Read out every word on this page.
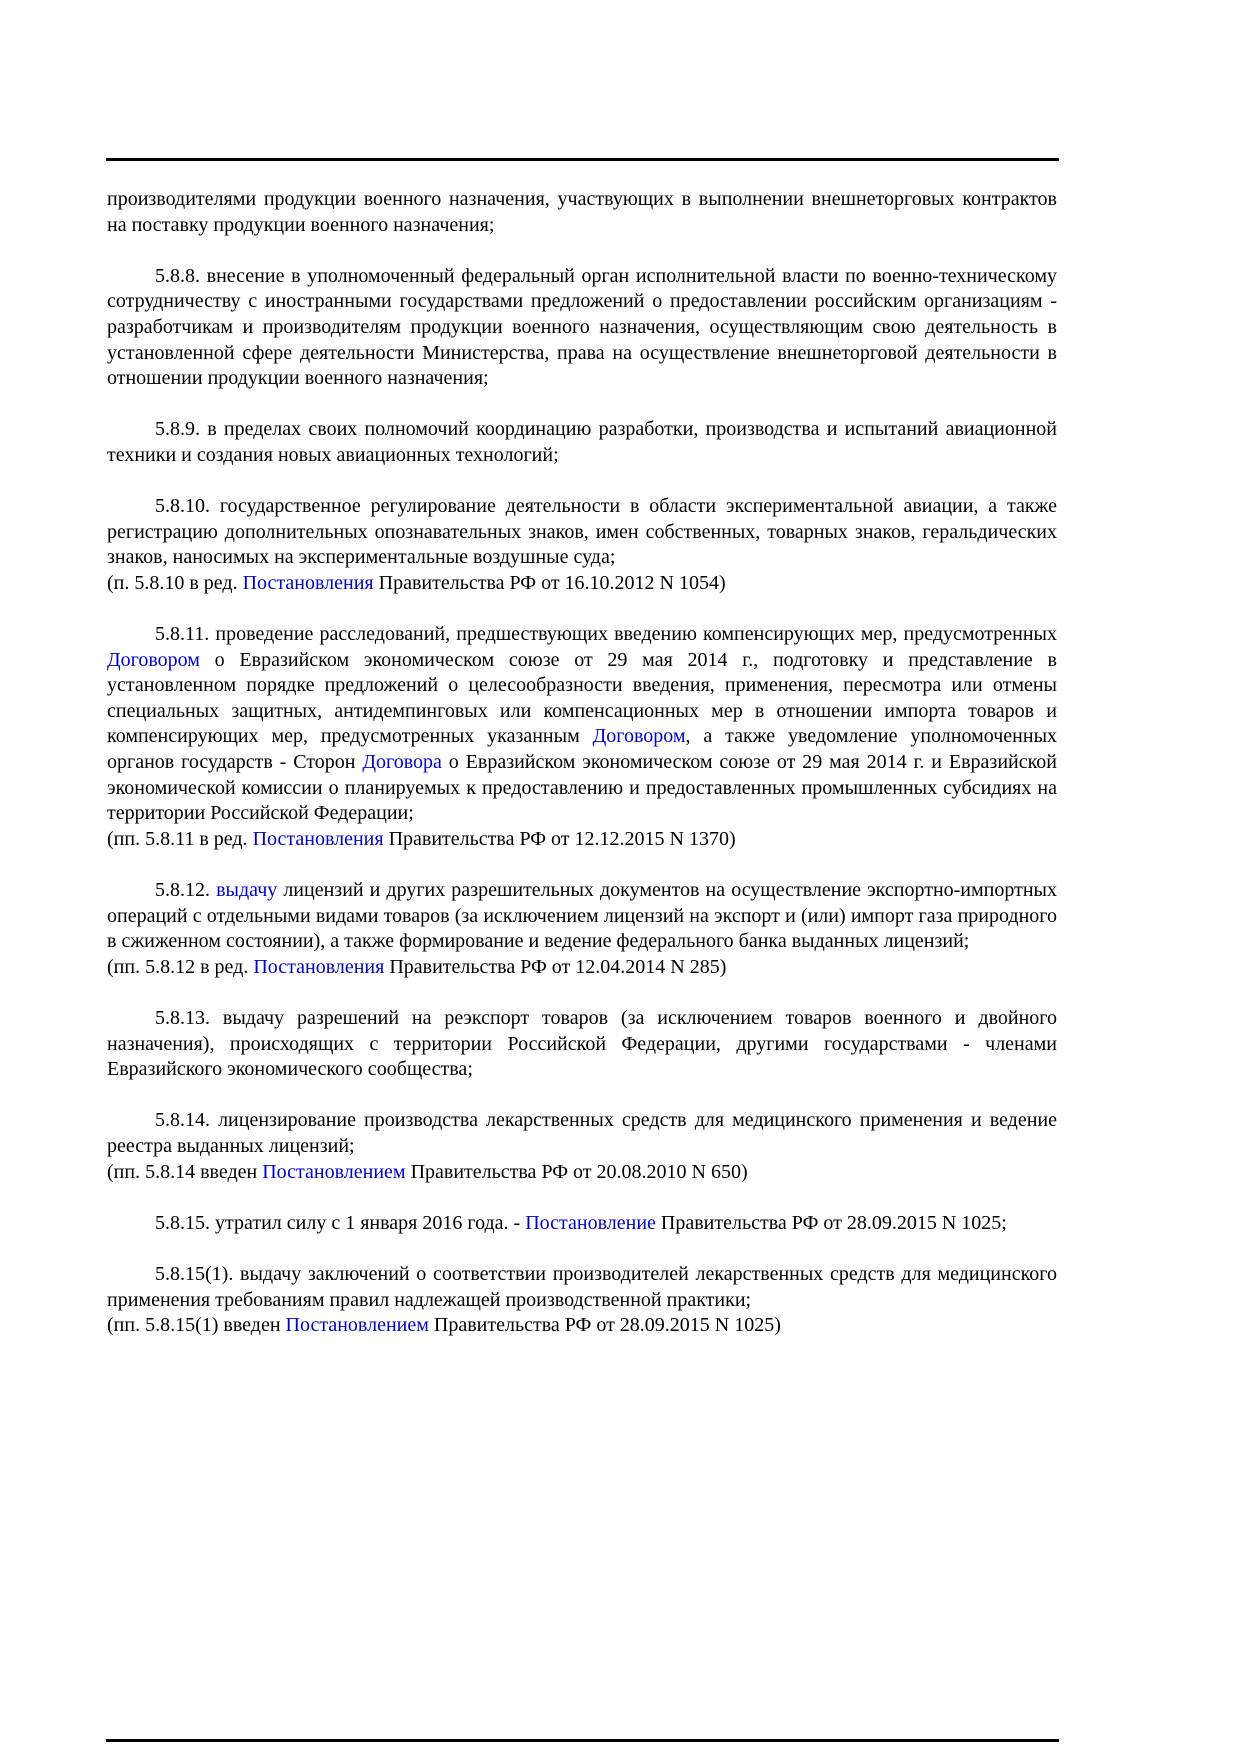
производителями продукции военного назначения, участвующих в выполнении внешнеторговых контрактов на поставку продукции военного назначения;

5.8.8. внесение в уполномоченный федеральный орган исполнительной власти по военно-техническому сотрудничеству с иностранными государствами предложений о предоставлении российским организациям - разработчикам и производителям продукции военного назначения, осуществляющим свою деятельность в установленной сфере деятельности Министерства, права на осуществление внешнеторговой деятельности в отношении продукции военного назначения;

5.8.9. в пределах своих полномочий координацию разработки, производства и испытаний авиационной техники и создания новых авиационных технологий;

5.8.10. государственное регулирование деятельности в области экспериментальной авиации, а также регистрацию дополнительных опознавательных знаков, имен собственных, товарных знаков, геральдических знаков, наносимых на экспериментальные воздушные суда;

(п. 5.8.10 в ред. Постановления Правительства РФ от 16.10.2012 N 1054)

5.8.11. проведение расследований, предшествующих введению компенсирующих мер, предусмотренных Договором о Евразийском экономическом союзе от 29 мая 2014 г., подготовку и представление в установленном порядке предложений о целесообразности введения, применения, пересмотра или отмены специальных защитных, антидемпинговых или компенсационных мер в отношении импорта товаров и компенсирующих мер, предусмотренных указанным Договором, а также уведомление уполномоченных органов государств - Сторон Договора о Евразийском экономическом союзе от 29 мая 2014 г. и Евразийской экономической комиссии о планируемых к предоставлению и предоставленных промышленных субсидиях на территории Российской Федерации;

(пп. 5.8.11 в ред. Постановления Правительства РФ от 12.12.2015 N 1370)

5.8.12. выдачу лицензий и других разрешительных документов на осуществление экспортно-импортных операций с отдельными видами товаров (за исключением лицензий на экспорт и (или) импорт газа природного в сжиженном состоянии), а также формирование и ведение федерального банка выданных лицензий;

(пп. 5.8.12 в ред. Постановления Правительства РФ от 12.04.2014 N 285)

5.8.13. выдачу разрешений на реэкспорт товаров (за исключением товаров военного и двойного назначения), происходящих с территории Российской Федерации, другими государствами - членами Евразийского экономического сообщества;

5.8.14. лицензирование производства лекарственных средств для медицинского применения и ведение реестра выданных лицензий;

(пп. 5.8.14 введен Постановлением Правительства РФ от 20.08.2010 N 650)

5.8.15. утратил силу с 1 января 2016 года. - Постановление Правительства РФ от 28.09.2015 N 1025;

5.8.15(1). выдачу заключений о соответствии производителей лекарственных средств для медицинского применения требованиям правил надлежащей производственной практики;

(пп. 5.8.15(1) введен Постановлением Правительства РФ от 28.09.2015 N 1025)
